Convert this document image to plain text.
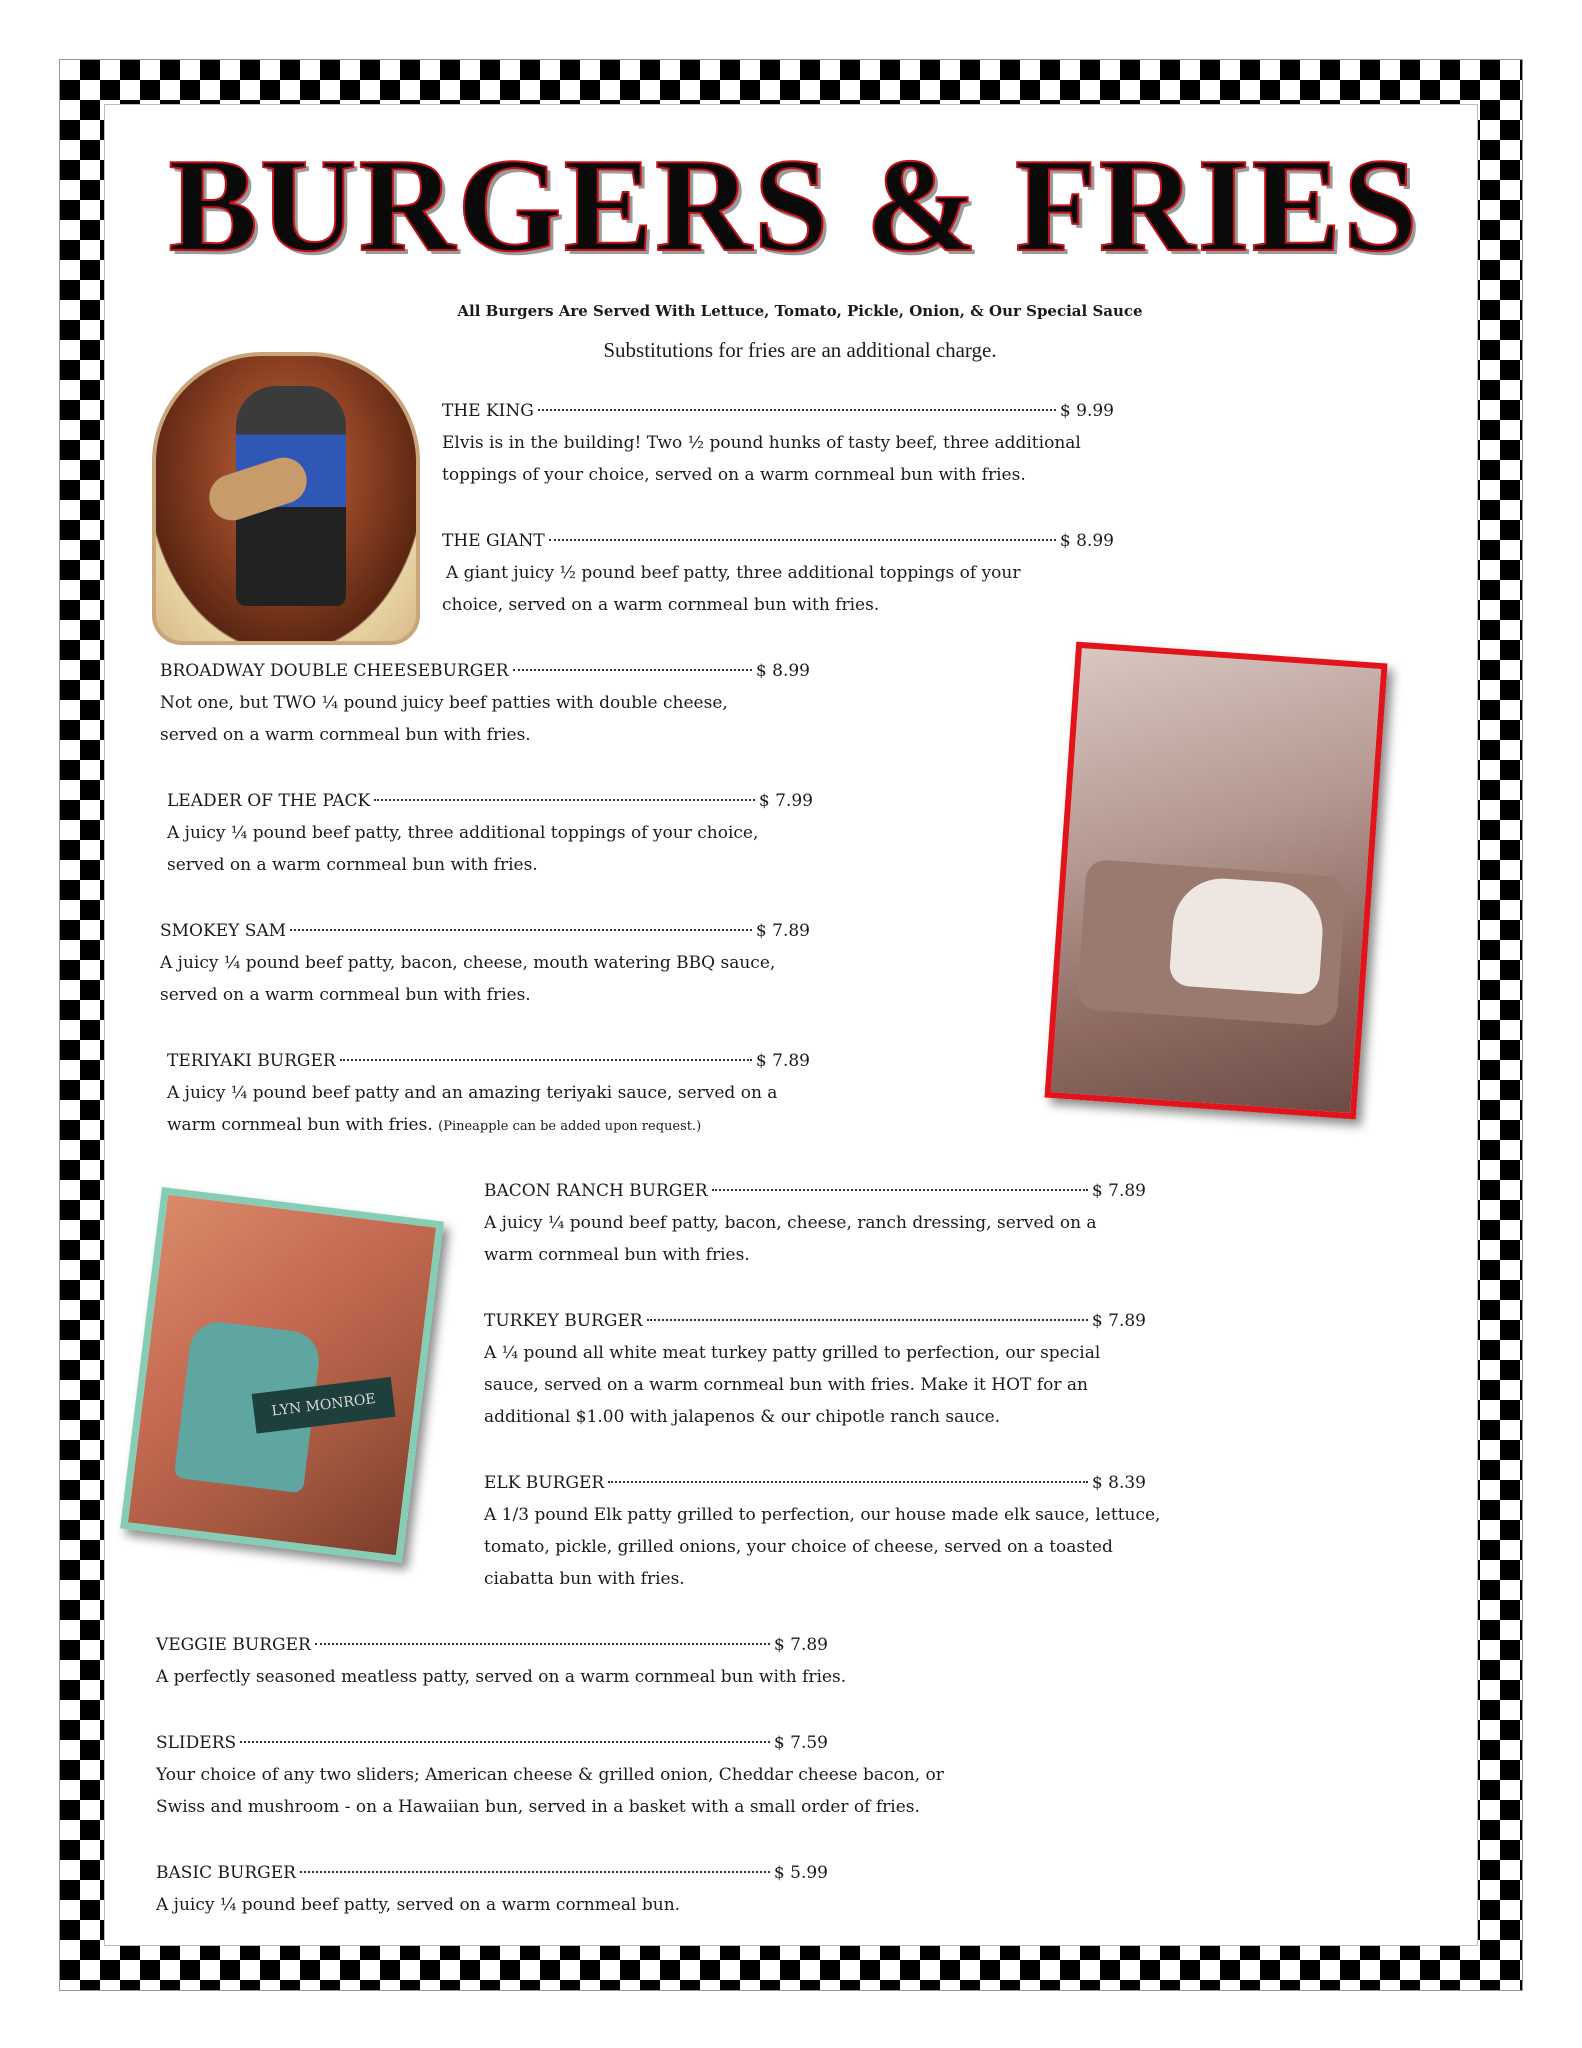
BURGERS & FRIES
All Burgers Are Served With Lettuce, Tomato, Pickle, Onion, & Our Special Sauce
Substitutions for fries are an additional charge.
LYN MONROE
THE KING	$ 9.99
Elvis is in the building! Two ½ pound hunks of tasty beef, three additional
toppings of your choice, served on a warm cornmeal bun with fries.
THE GIANT	$ 8.99
A giant juicy ½ pound beef patty, three additional toppings of your
choice, served on a warm cornmeal bun with fries.
BROADWAY DOUBLE CHEESEBURGER	$ 8.99
Not one, but TWO ¼ pound juicy beef patties with double cheese,
served on a warm cornmeal bun with fries.
LEADER OF THE PACK	$ 7.99
A juicy ¼ pound beef patty, three additional toppings of your choice,
served on a warm cornmeal bun with fries.
SMOKEY SAM	$ 7.89
A juicy ¼ pound beef patty, bacon, cheese, mouth watering BBQ sauce,
served on a warm cornmeal bun with fries.
TERIYAKI BURGER	$ 7.89
A juicy ¼ pound beef patty and an amazing teriyaki sauce, served on a
warm cornmeal bun with fries. (Pineapple can be added upon request.)
BACON RANCH BURGER	$ 7.89
A juicy ¼ pound beef patty, bacon, cheese, ranch dressing, served on a
warm cornmeal bun with fries.
TURKEY BURGER	$ 7.89
A ¼ pound all white meat turkey patty grilled to perfection, our special
sauce, served on a warm cornmeal bun with fries. Make it HOT for an
additional $1.00 with jalapenos & our chipotle ranch sauce.
ELK BURGER	$ 8.39
A 1/3 pound Elk patty grilled to perfection, our house made elk sauce, lettuce,
tomato, pickle, grilled onions, your choice of cheese, served on a toasted
ciabatta bun with fries.
VEGGIE BURGER	$ 7.89
A perfectly seasoned meatless patty, served on a warm cornmeal bun with fries.
SLIDERS	$ 7.59
Your choice of any two sliders; American cheese & grilled onion, Cheddar cheese bacon, or
Swiss and mushroom - on a Hawaiian bun, served in a basket with a small order of fries.
BASIC BURGER	$ 5.99
A juicy ¼ pound beef patty, served on a warm cornmeal bun.
